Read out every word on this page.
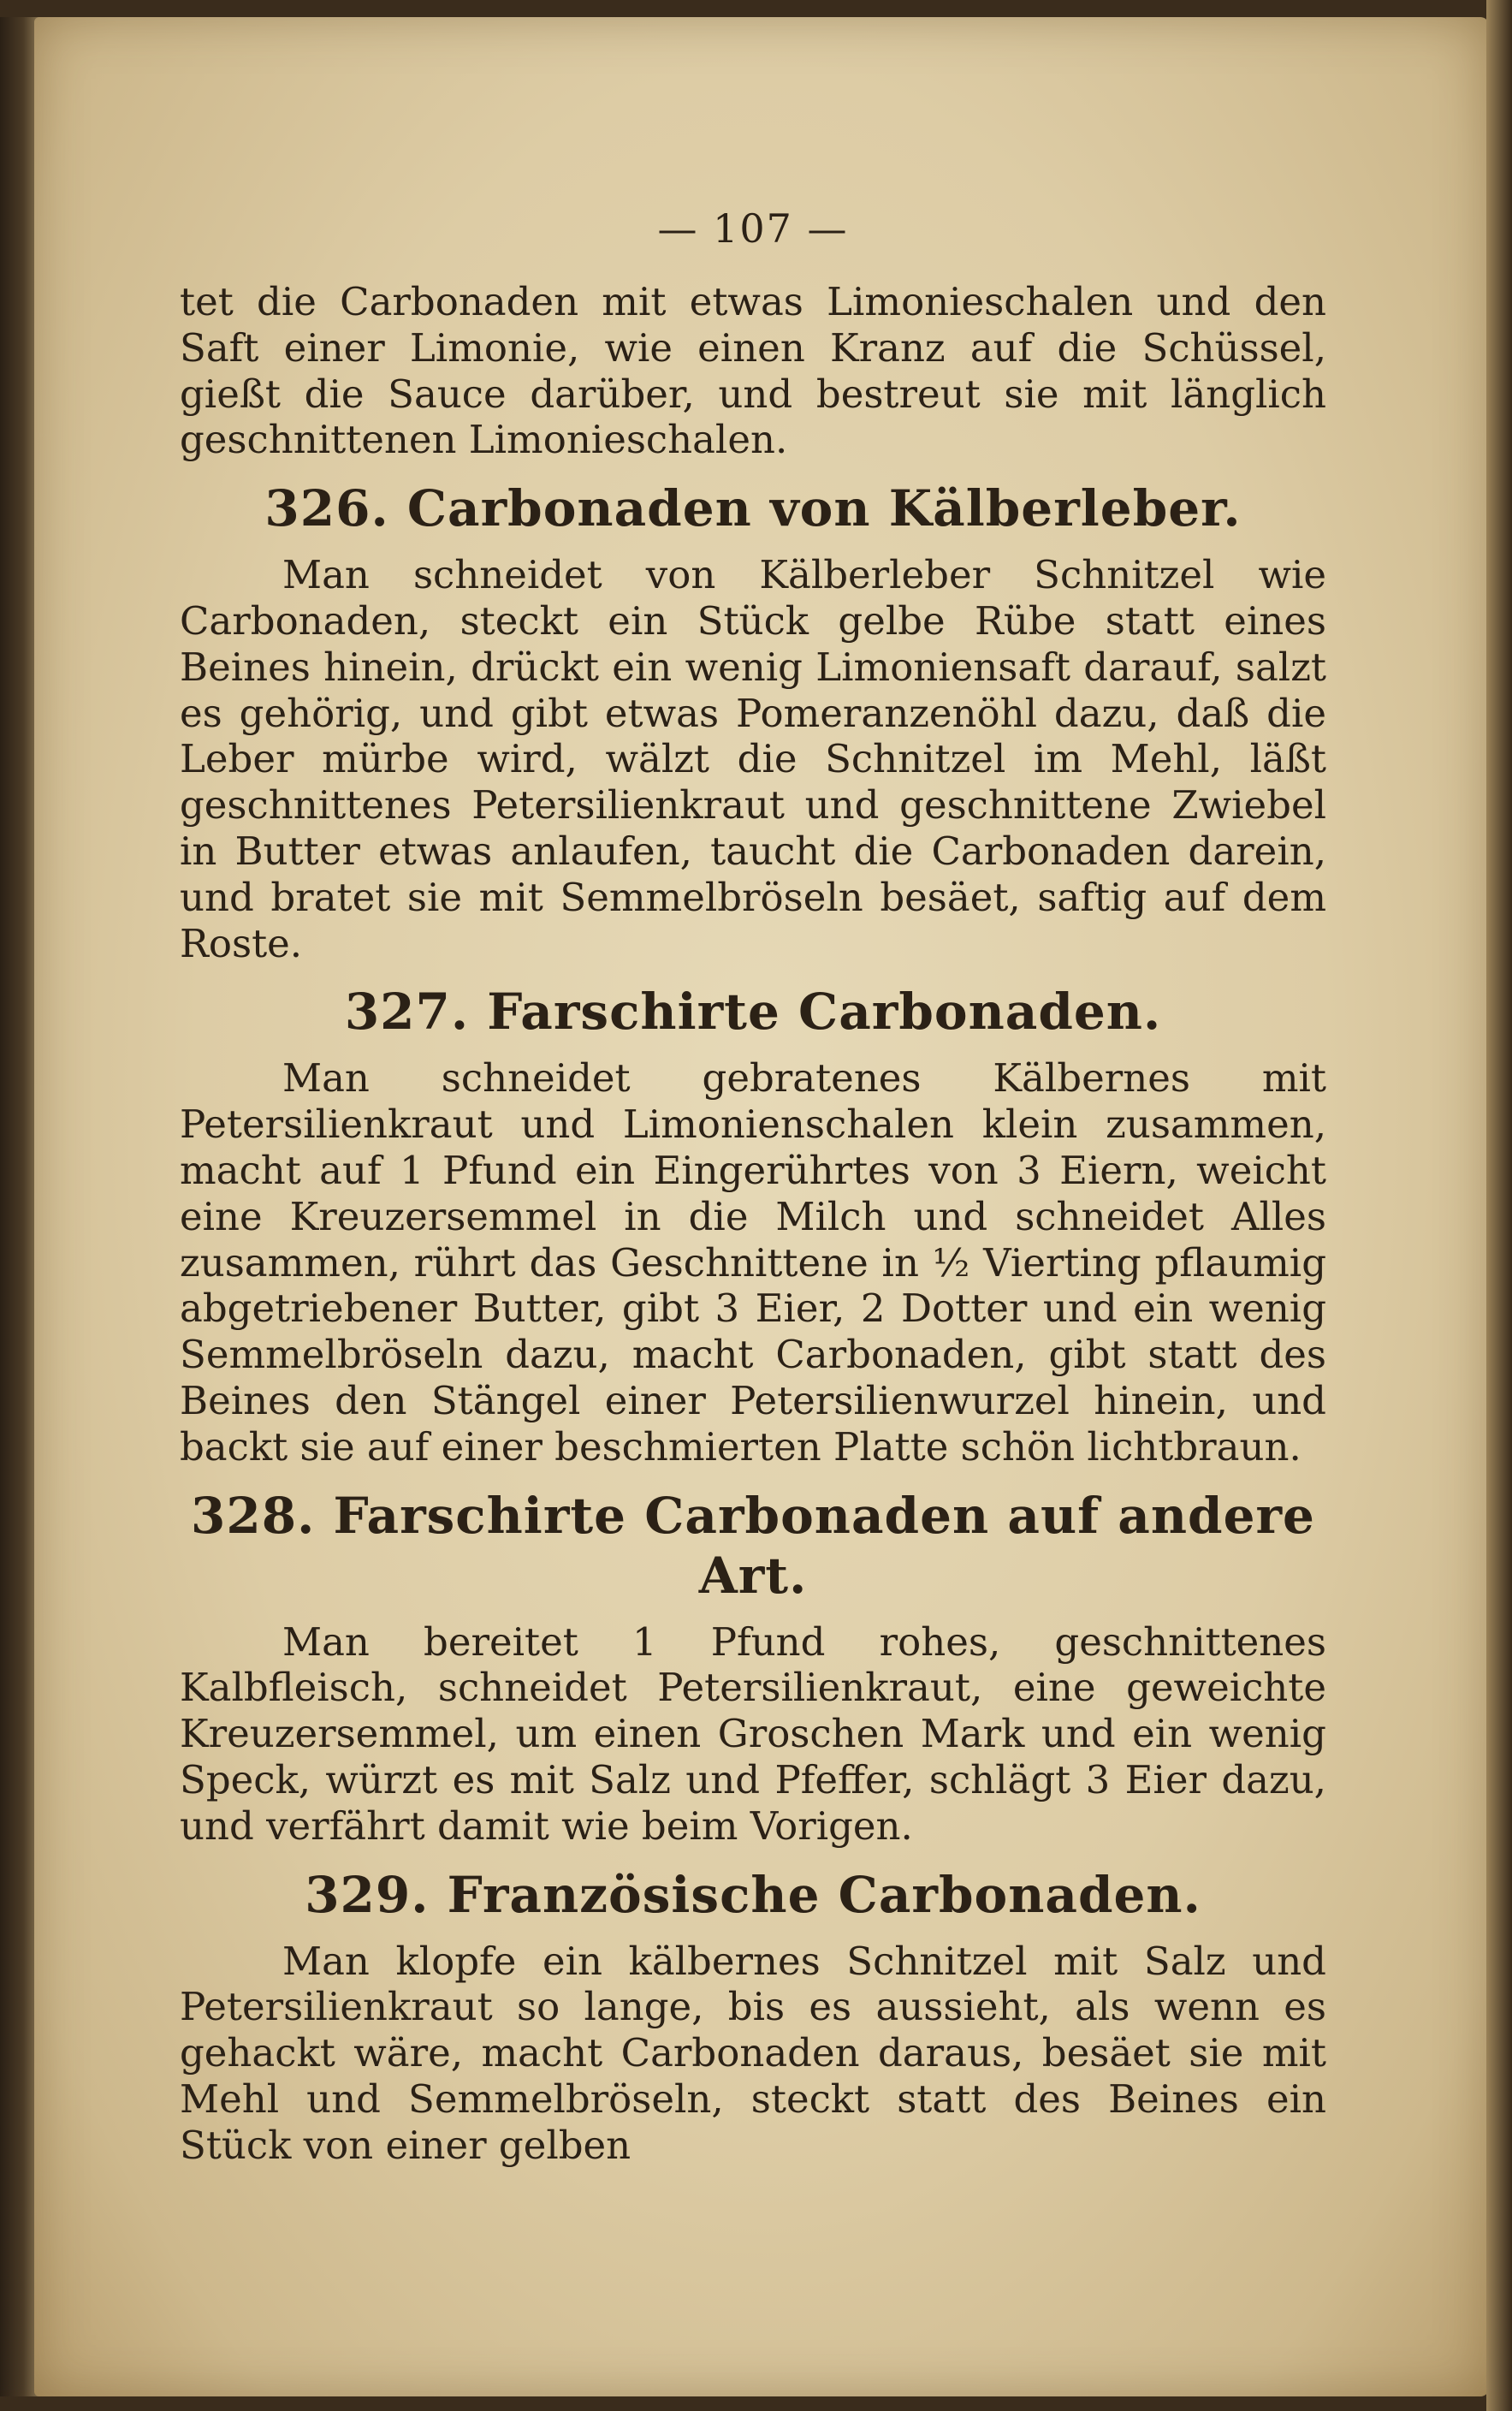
— 107 —

tet die Carbonaden mit etwas Limonieschalen und den Saft einer Limonie, wie einen Kranz auf die Schüssel, gießt die Sauce darüber, und bestreut sie mit länglich geschnittenen Limonieschalen.

326. Carbonaden von Kälberleber.

Man schneidet von Kälberleber Schnitzel wie Carbonaden, steckt ein Stück gelbe Rübe statt eines Beines hinein, drückt ein wenig Limoniensaft darauf, salzt es gehörig, und gibt etwas Pomeranzenöhl dazu, daß die Leber mürbe wird, wälzt die Schnitzel im Mehl, läßt geschnittenes Petersilienkraut und geschnittene Zwiebel in Butter etwas anlaufen, taucht die Carbonaden darein, und bratet sie mit Semmelbröseln besäet, saftig auf dem Roste.

327. Farschirte Carbonaden.

Man schneidet gebratenes Kälbernes mit Petersilienkraut und Limonienschalen klein zusammen, macht auf 1 Pfund ein Eingerührtes von 3 Eiern, weicht eine Kreuzersemmel in die Milch und schneidet Alles zusammen, rührt das Geschnittene in ½ Vierting pflaumig abgetriebener Butter, gibt 3 Eier, 2 Dotter und ein wenig Semmelbröseln dazu, macht Carbonaden, gibt statt des Beines den Stängel einer Petersilienwurzel hinein, und backt sie auf einer beschmierten Platte schön lichtbraun.

328. Farschirte Carbonaden auf andere Art.

Man bereitet 1 Pfund rohes, geschnittenes Kalbfleisch, schneidet Petersilienkraut, eine geweichte Kreuzersemmel, um einen Groschen Mark und ein wenig Speck, würzt es mit Salz und Pfeffer, schlägt 3 Eier dazu, und verfährt damit wie beim Vorigen.

329. Französische Carbonaden.

Man klopfe ein kälbernes Schnitzel mit Salz und Petersilienkraut so lange, bis es aussieht, als wenn es gehackt wäre, macht Carbonaden daraus, besäet sie mit Mehl und Semmelbröseln, steckt statt des Beines ein Stück von einer gelben
